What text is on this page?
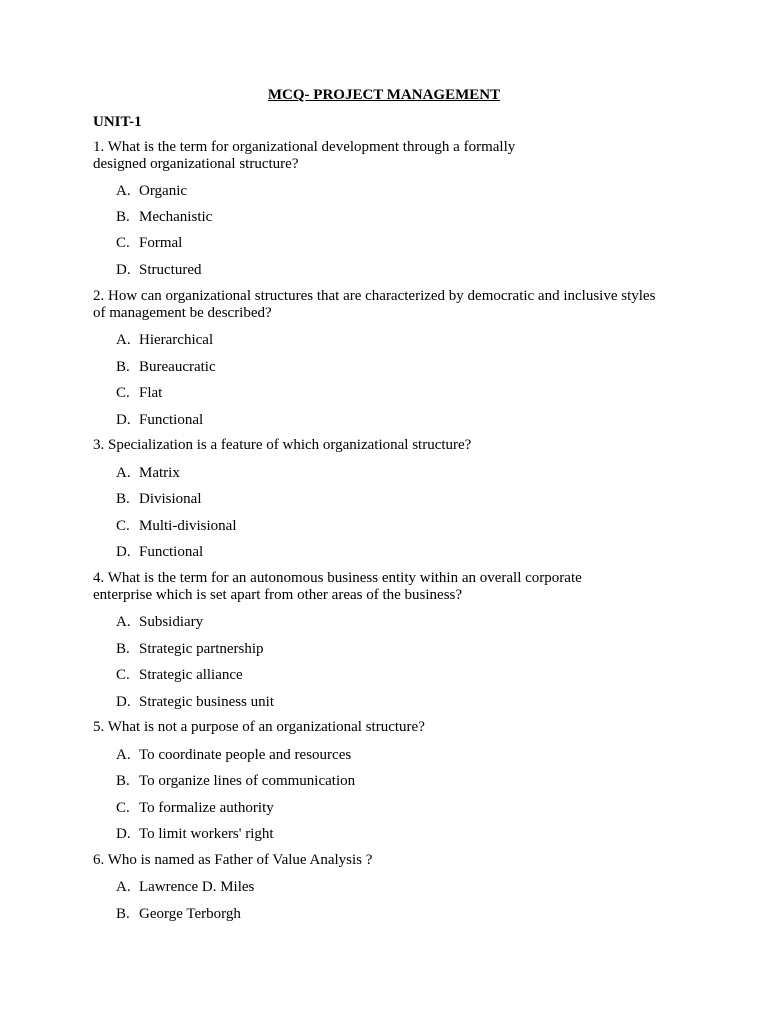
MCQ- PROJECT MANAGEMENT
UNIT-1
1. What is the term for organizational development through a formally
designed organizational structure?
A. Organic
B. Mechanistic
C. Formal
D. Structured
2. How can organizational structures that are characterized by democratic and inclusive styles
of management be described?
A. Hierarchical
B. Bureaucratic
C. Flat
D. Functional
3. Specialization is a feature of which organizational structure?
A. Matrix
B. Divisional
C. Multi-divisional
D. Functional
4. What is the term for an autonomous business entity within an overall corporate
enterprise which is set apart from other areas of the business?
A. Subsidiary
B. Strategic partnership
C. Strategic alliance
D. Strategic business unit
5. What is not a purpose of an organizational structure?
A. To coordinate people and resources
B. To organize lines of communication
C. To formalize authority
D. To limit workers' right
6. Who is named as Father of Value Analysis ?
A. Lawrence D. Miles
B. George Terborgh
